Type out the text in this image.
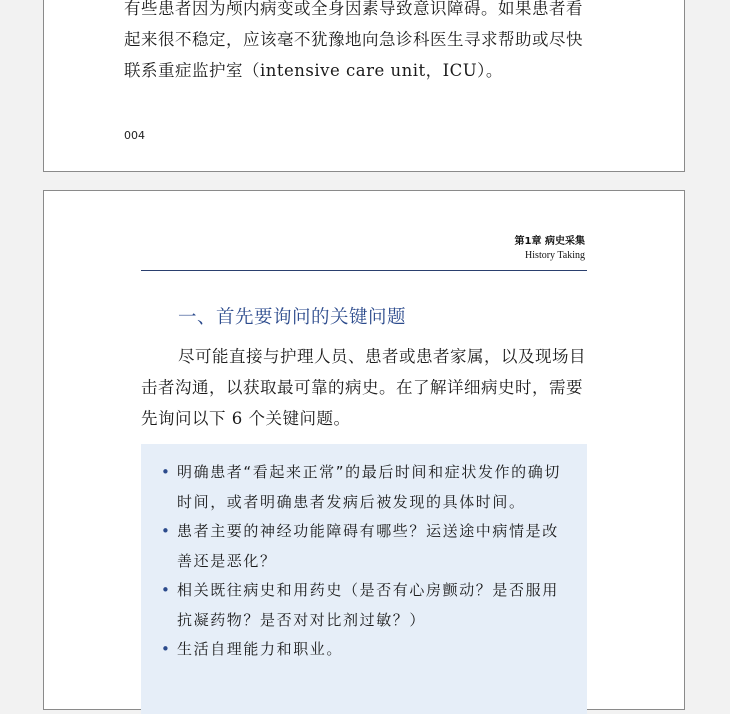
有些患者因为颅内病变或全身因素导致意识障碍。如果患者看起来很不稳定，应该毫不犹豫地向急诊科医生寻求帮助或尽快联系重症监护室（intensive care unit，ICU）。

004
第1章 病史采集
History Taking
一、首先要询问的关键问题

尽可能直接与护理人员、患者或患者家属，以及现场目击者沟通，以获取最可靠的病史。在了解详细病史时，需要先询问以下 6 个关键问题。

• 明确患者“看起来正常”的最后时间和症状发作的确切时间，或者明确患者发病后被发现的具体时间。
• 患者主要的神经功能障碍有哪些？运送途中病情是改善还是恶化？
• 相关既往病史和用药史（是否有心房颤动？是否服用抗凝药物？是否对对比剂过敏？）
• 生活自理能力和职业。
